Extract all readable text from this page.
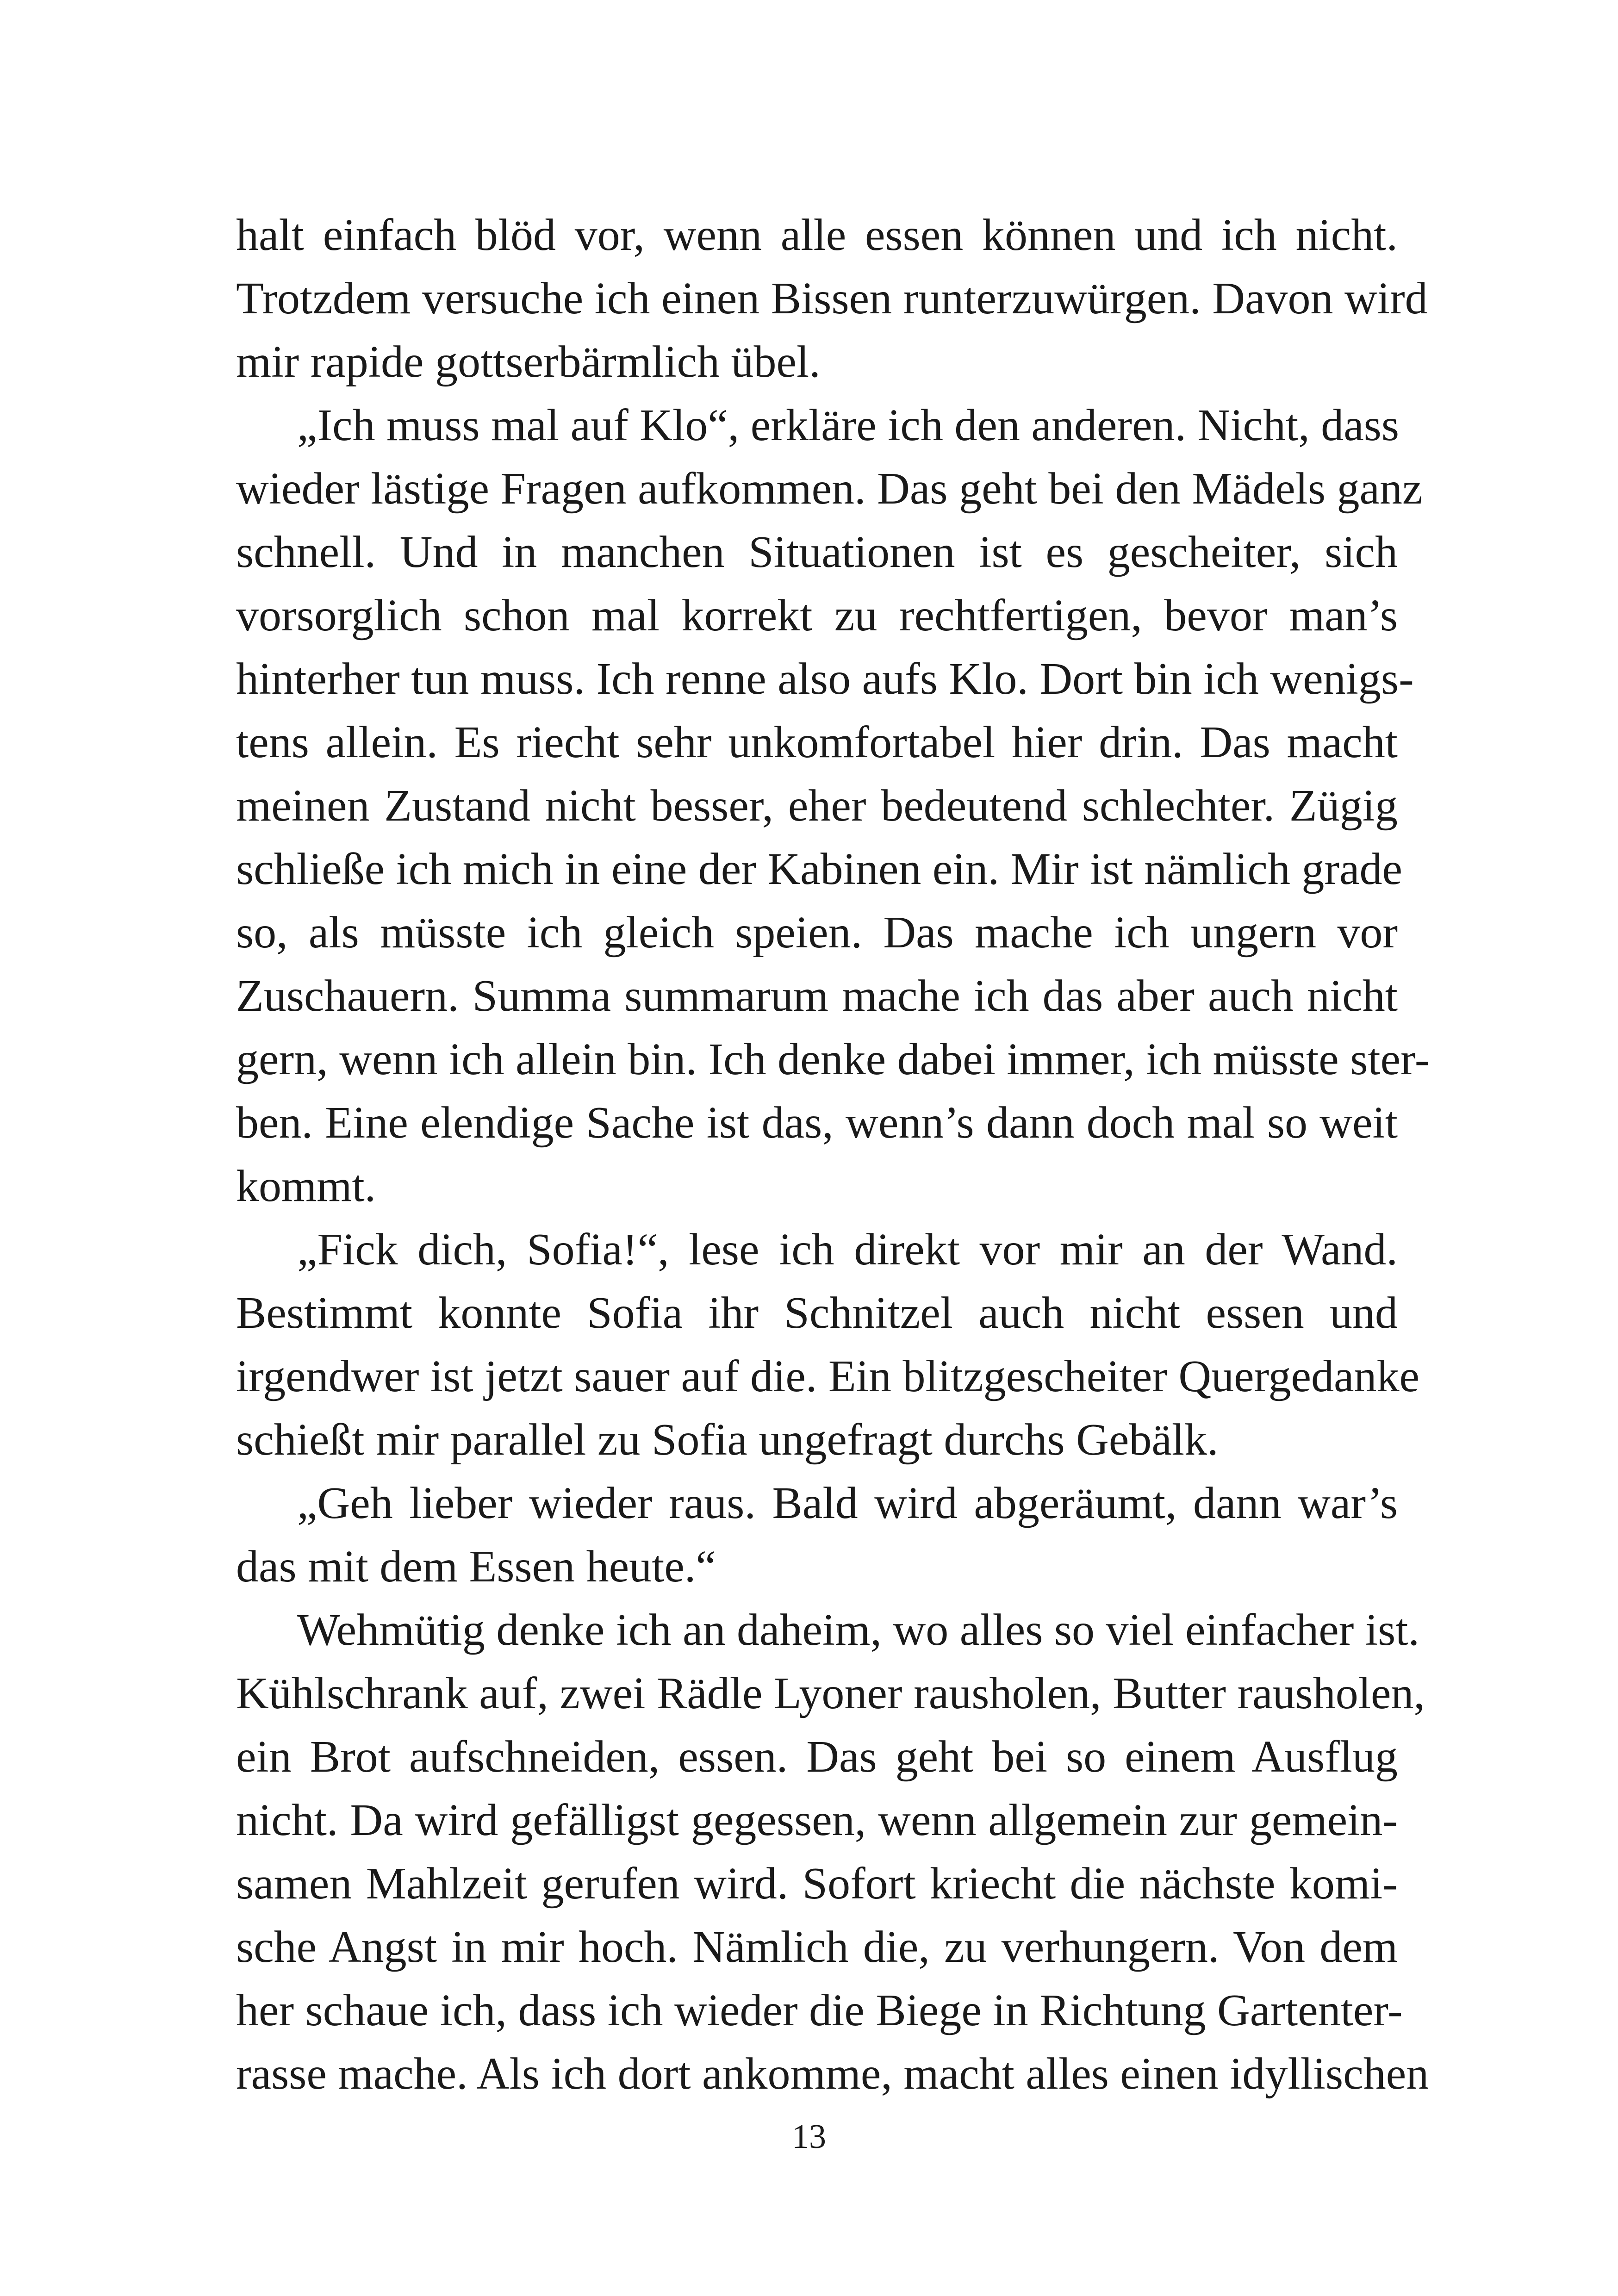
halt einfach blöd vor, wenn alle essen können und ich nicht.
Trotzdem versuche ich einen Bissen runterzuwürgen. Davon wird
mir rapide gottserbärmlich übel.
„Ich muss mal auf Klo“, erkläre ich den anderen. Nicht, dass
wieder lästige Fragen aufkommen. Das geht bei den Mädels ganz
schnell. Und in manchen Situationen ist es gescheiter, sich
vorsorglich schon mal korrekt zu rechtfertigen, bevor man’s
hinterher tun muss. Ich renne also aufs Klo. Dort bin ich wenigs-
tens allein. Es riecht sehr unkomfortabel hier drin. Das macht
meinen Zustand nicht besser, eher bedeutend schlechter. Zügig
schließe ich mich in eine der Kabinen ein. Mir ist nämlich grade
so, als müsste ich gleich speien. Das mache ich ungern vor
Zuschauern. Summa summarum mache ich das aber auch nicht
gern, wenn ich allein bin. Ich denke dabei immer, ich müsste ster-
ben. Eine elendige Sache ist das, wenn’s dann doch mal so weit
kommt.
„Fick dich, Sofia!“, lese ich direkt vor mir an der Wand.
Bestimmt konnte Sofia ihr Schnitzel auch nicht essen und
irgendwer ist jetzt sauer auf die. Ein blitzgescheiter Quergedanke
schießt mir parallel zu Sofia ungefragt durchs Gebälk.
„Geh lieber wieder raus. Bald wird abgeräumt, dann war’s
das mit dem Essen heute.“
Wehmütig denke ich an daheim, wo alles so viel einfacher ist.
Kühlschrank auf, zwei Rädle Lyoner rausholen, Butter rausholen,
ein Brot aufschneiden, essen. Das geht bei so einem Ausflug
nicht. Da wird gefälligst gegessen, wenn allgemein zur gemein-
samen Mahlzeit gerufen wird. Sofort kriecht die nächste komi-
sche Angst in mir hoch. Nämlich die, zu verhungern. Von dem
her schaue ich, dass ich wieder die Biege in Richtung Gartenter-
rasse mache. Als ich dort ankomme, macht alles einen idyllischen
13
